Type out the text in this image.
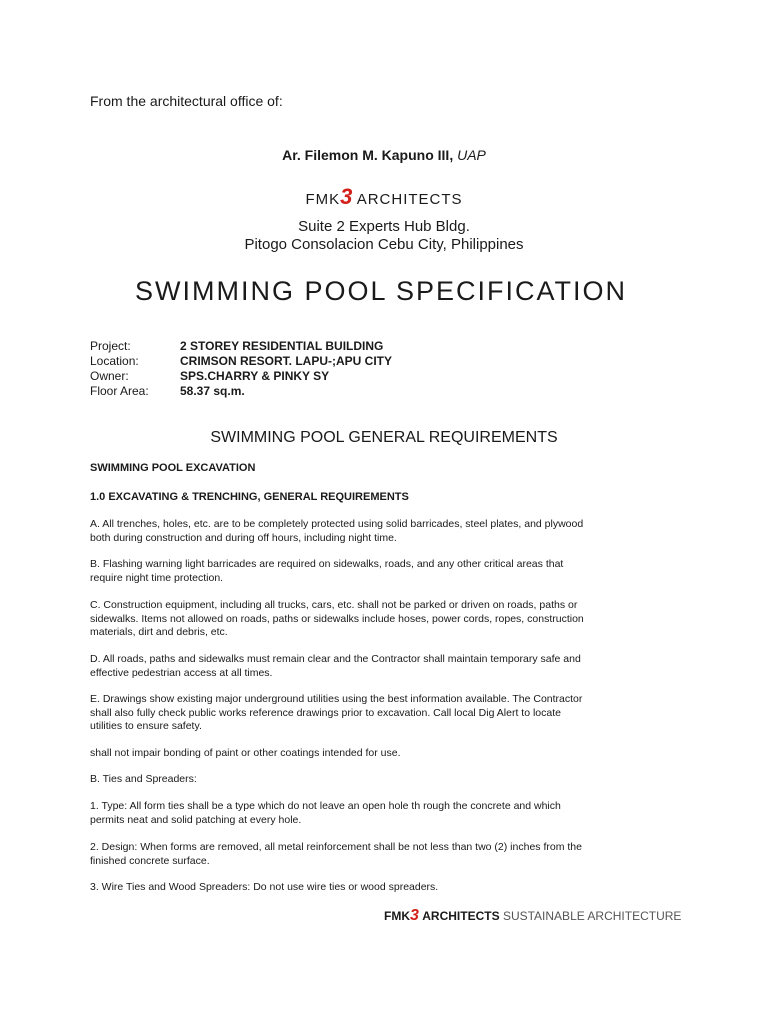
From the architectural office of:
Ar. Filemon M. Kapuno III, UAP
FMK3 ARCHITECTS
Suite 2 Experts Hub Bldg.
Pitogo Consolacion Cebu City, Philippines
SWIMMING POOL SPECIFICATION
Project:	2 STOREY RESIDENTIAL BUILDING
Location:	CRIMSON RESORT. LAPU-;APU CITY
Owner:	SPS.CHARRY & PINKY SY
Floor Area:	58.37 sq.m.
SWIMMING POOL GENERAL REQUIREMENTS
SWIMMING POOL EXCAVATION
1.0 EXCAVATING & TRENCHING, GENERAL REQUIREMENTS
A. All trenches, holes, etc. are to be completely protected using solid barricades, steel plates, and plywood both during construction and during off hours, including night time.
B. Flashing warning light barricades are required on sidewalks, roads, and any other critical areas that require night time protection.
C. Construction equipment, including all trucks, cars, etc. shall not be parked or driven on roads, paths or sidewalks. Items not allowed on roads, paths or sidewalks include hoses, power cords, ropes, construction materials, dirt and debris, etc.
D. All roads, paths and sidewalks must remain clear and the Contractor shall maintain temporary safe and effective pedestrian access at all times.
E. Drawings show existing major underground utilities using the best information available. The Contractor shall also fully check public works reference drawings prior to excavation. Call local Dig Alert to locate utilities to ensure safety.
shall not impair bonding of paint or other coatings intended for use.
B. Ties and Spreaders:
1. Type: All form ties shall be a type which do not leave an open hole th rough the concrete and which permits neat and solid patching at every hole.
2. Design: When forms are removed, all metal reinforcement shall be not less than two (2) inches from the finished concrete surface.
3. Wire Ties and Wood Spreaders: Do not use wire ties or wood spreaders.
FMK3 ARCHITECTS SUSTAINABLE ARCHITECTURE
